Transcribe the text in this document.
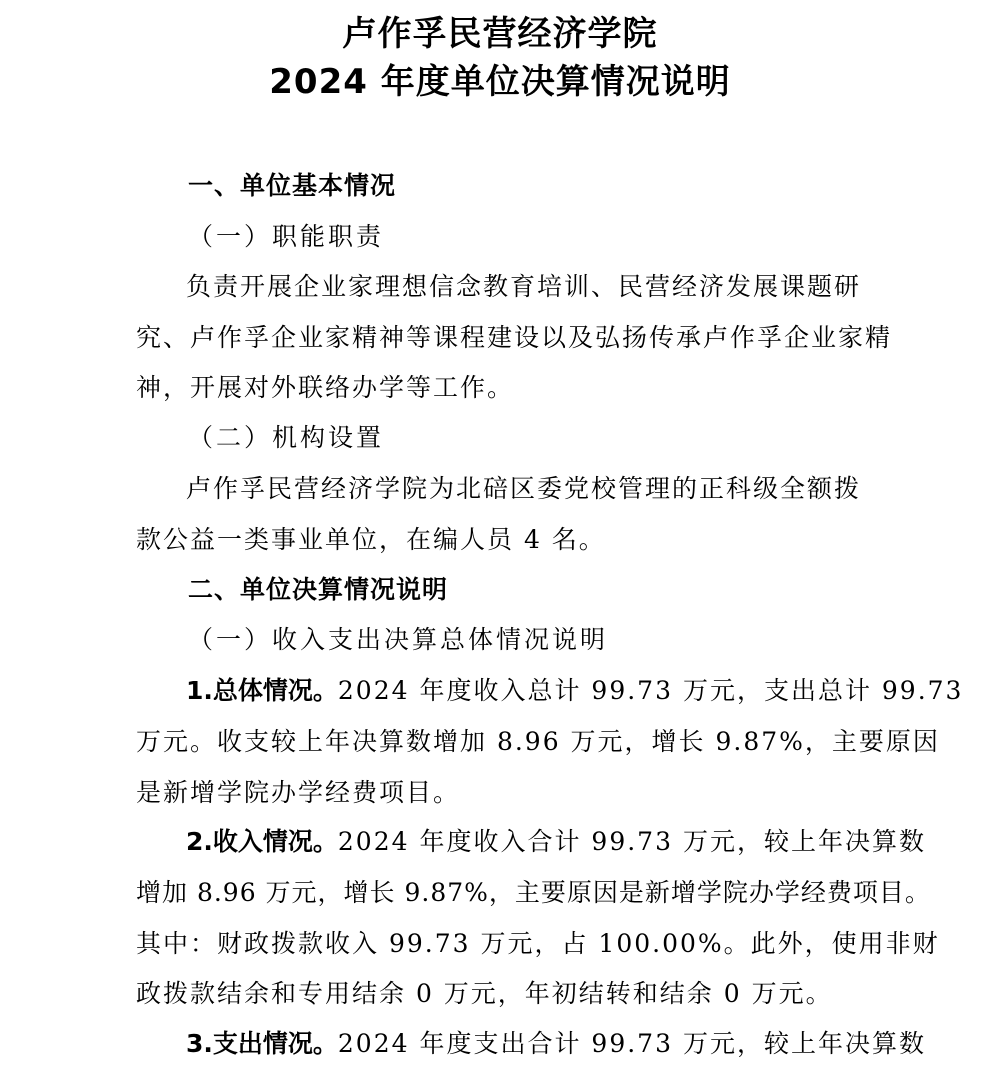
卢作孚民营经济学院
2024 年度单位决算情况说明
一、单位基本情况
（一）职能职责
负责开展企业家理想信念教育培训、民营经济发展课题研
究、卢作孚企业家精神等课程建设以及弘扬传承卢作孚企业家精
神，开展对外联络办学等工作。
（二）机构设置
卢作孚民营经济学院为北碚区委党校管理的正科级全额拨
款公益一类事业单位，在编人员 4 名。
二、单位决算情况说明
（一）收入支出决算总体情况说明
1.总体情况。2024 年度收入总计 99.73 万元，支出总计 99.73
万元。收支较上年决算数增加 8.96 万元，增长 9.87%，主要原因
是新增学院办学经费项目。
2.收入情况。2024 年度收入合计 99.73 万元，较上年决算数
增加 8.96 万元，增长 9.87%，主要原因是新增学院办学经费项目。
其中：财政拨款收入 99.73 万元，占 100.00%。此外，使用非财
政拨款结余和专用结余 0 万元，年初结转和结余 0 万元。
3.支出情况。2024 年度支出合计 99.73 万元，较上年决算数
